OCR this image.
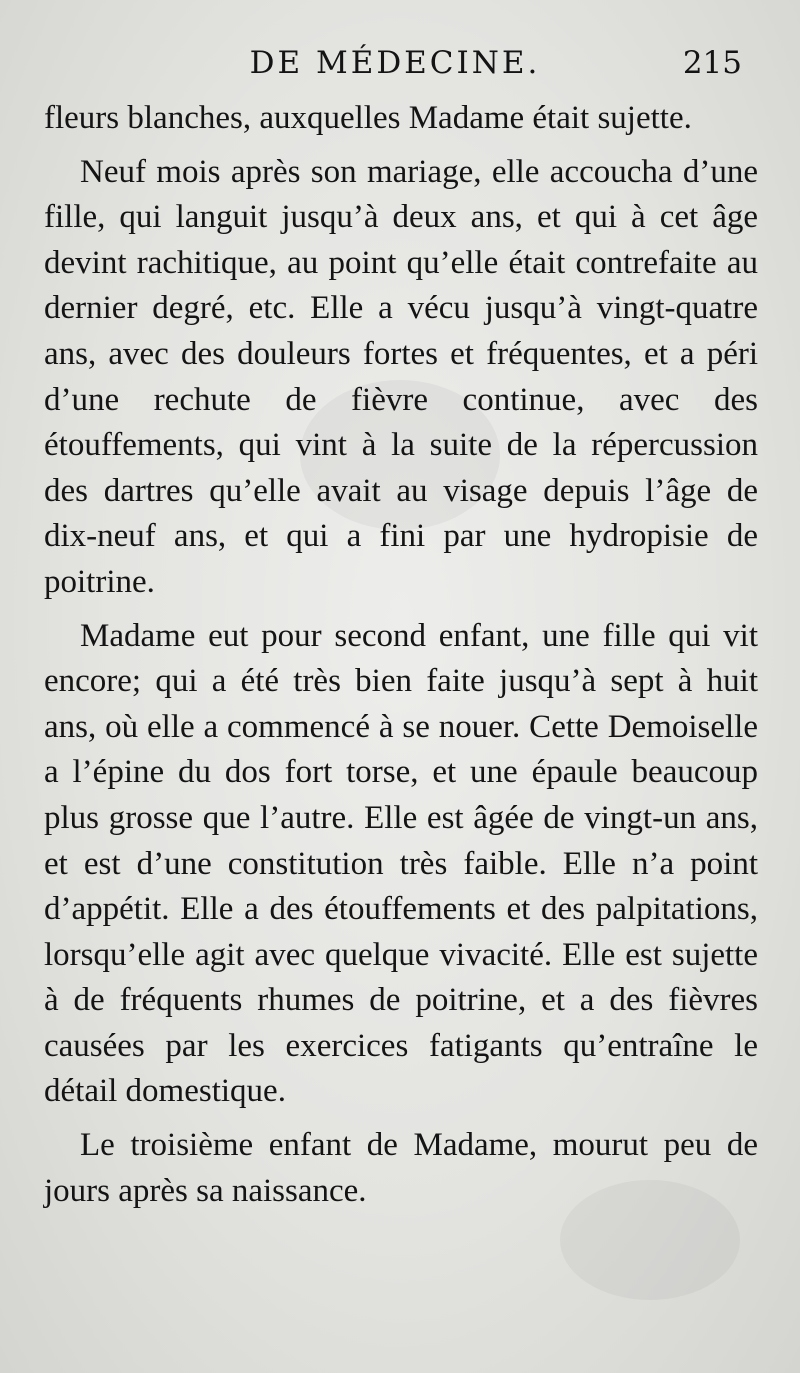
DE MÉDECINE.	215

fleurs blanches, auxquelles Madame était sujette.

Neuf mois après son mariage, elle accoucha d’une fille, qui languit jusqu’à deux ans, et qui à cet âge devint rachitique, au point qu’elle était contrefaite au dernier degré, etc. Elle a vécu jusqu’à vingt-quatre ans, avec des douleurs fortes et fréquentes, et a péri d’une rechute de fièvre continue, avec des étouffements, qui vint à la suite de la répercussion des dartres qu’elle avait au visage depuis l’âge de dix-neuf ans, et qui a fini par une hydropisie de poitrine.

Madame eut pour second enfant, une fille qui vit encore; qui a été très bien faite jusqu’à sept à huit ans, où elle a commencé à se nouer. Cette Demoiselle a l’épine du dos fort torse, et une épaule beaucoup plus grosse que l’autre. Elle est âgée de vingt-un ans, et est d’une constitution très faible. Elle n’a point d’appétit. Elle a des étouffements et des palpitations, lorsqu’elle agit avec quelque vivacité. Elle est sujette à de fréquents rhumes de poitrine, et a des fièvres causées par les exercices fatigants qu’entraîne le détail domestique.

Le troisième enfant de Madame, mourut peu de jours après sa naissance.
